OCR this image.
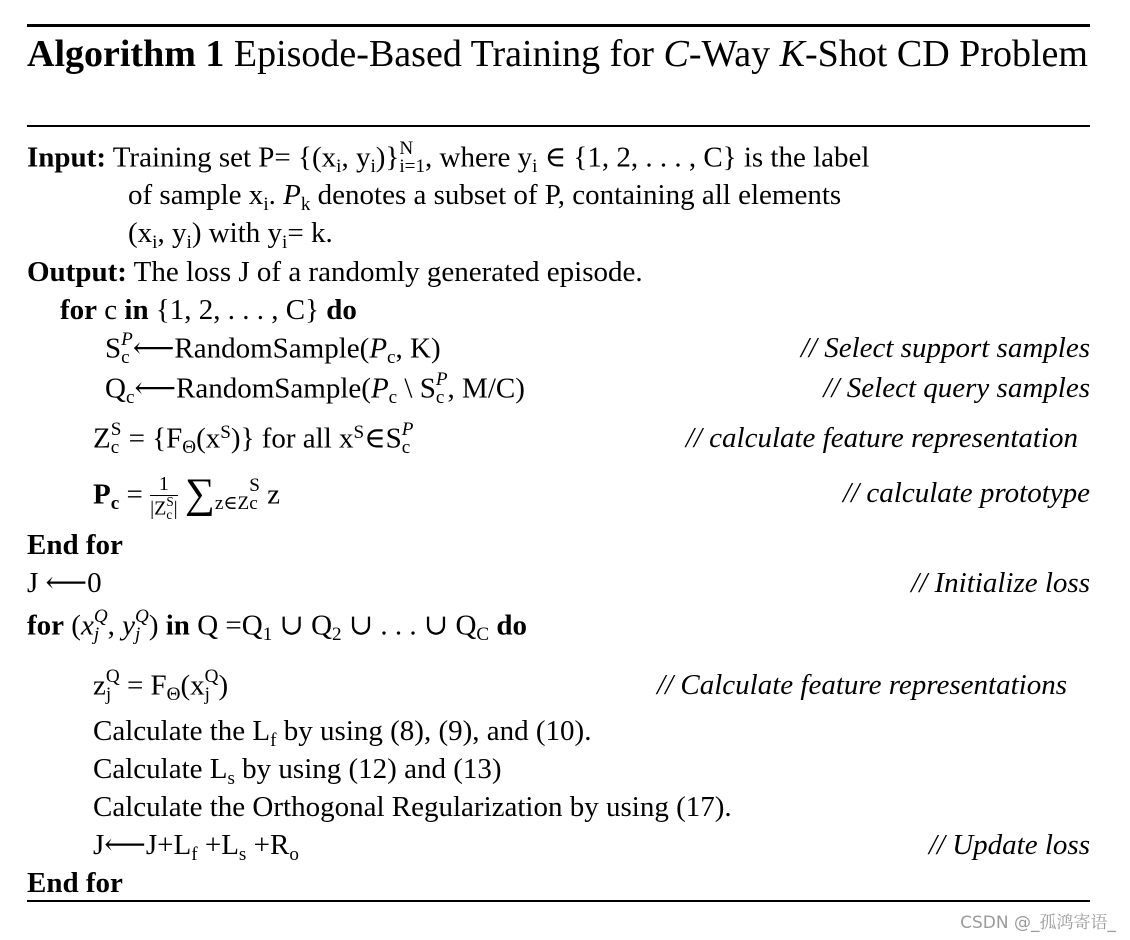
Algorithm 1 Episode-Based Training for C-Way K-Shot CD Problem
Input: Training set $P= \{(x_i$, $y_i$)} N
i=1 , where $y_i$ ∈ {1, 2, . . . , C} is the label
of sample $x_i$. $P_k$ denotes a subset of P, containing all elements
($x_i$, $y_i$) with $y_i= k$.
Output: The loss J of a randomly generated episode.
for c in {1, 2, . . . , C} do
S P
c $⟵RandomSample(P_c$, K)	// Select support samples
$Q_c⟵RandomSample(P_c$ \ S P
c , M/C)	// Select query samples
Z S
$c = \{F_\Theta(x^S)\}$ for all $x^S\in S$ P
c	// calculate feature representation
$P_c = 1$
|Z S
c | $\sum_{z\in Z}$
S
c z	// calculate prototype
End for
J ⟵0	// Initialize loss
for (x Q
j , y Q
j ) in $Q =Q_1$ ∪ $Q_2$ ∪ . . . ∪ $Q_C$ do
z Q
$j = F_\Theta(x$ Q
j )	// Calculate feature representations
Calculate the $L_f$ by using (8), (9), and (10).
Calculate $L_s$ by using (12) and (13)
Calculate the Orthogonal Regularization by using (17).
$J⟵J+L_f +L_s +R_o$	// Update loss
End for
CSDN @_孤鸿寄语_
